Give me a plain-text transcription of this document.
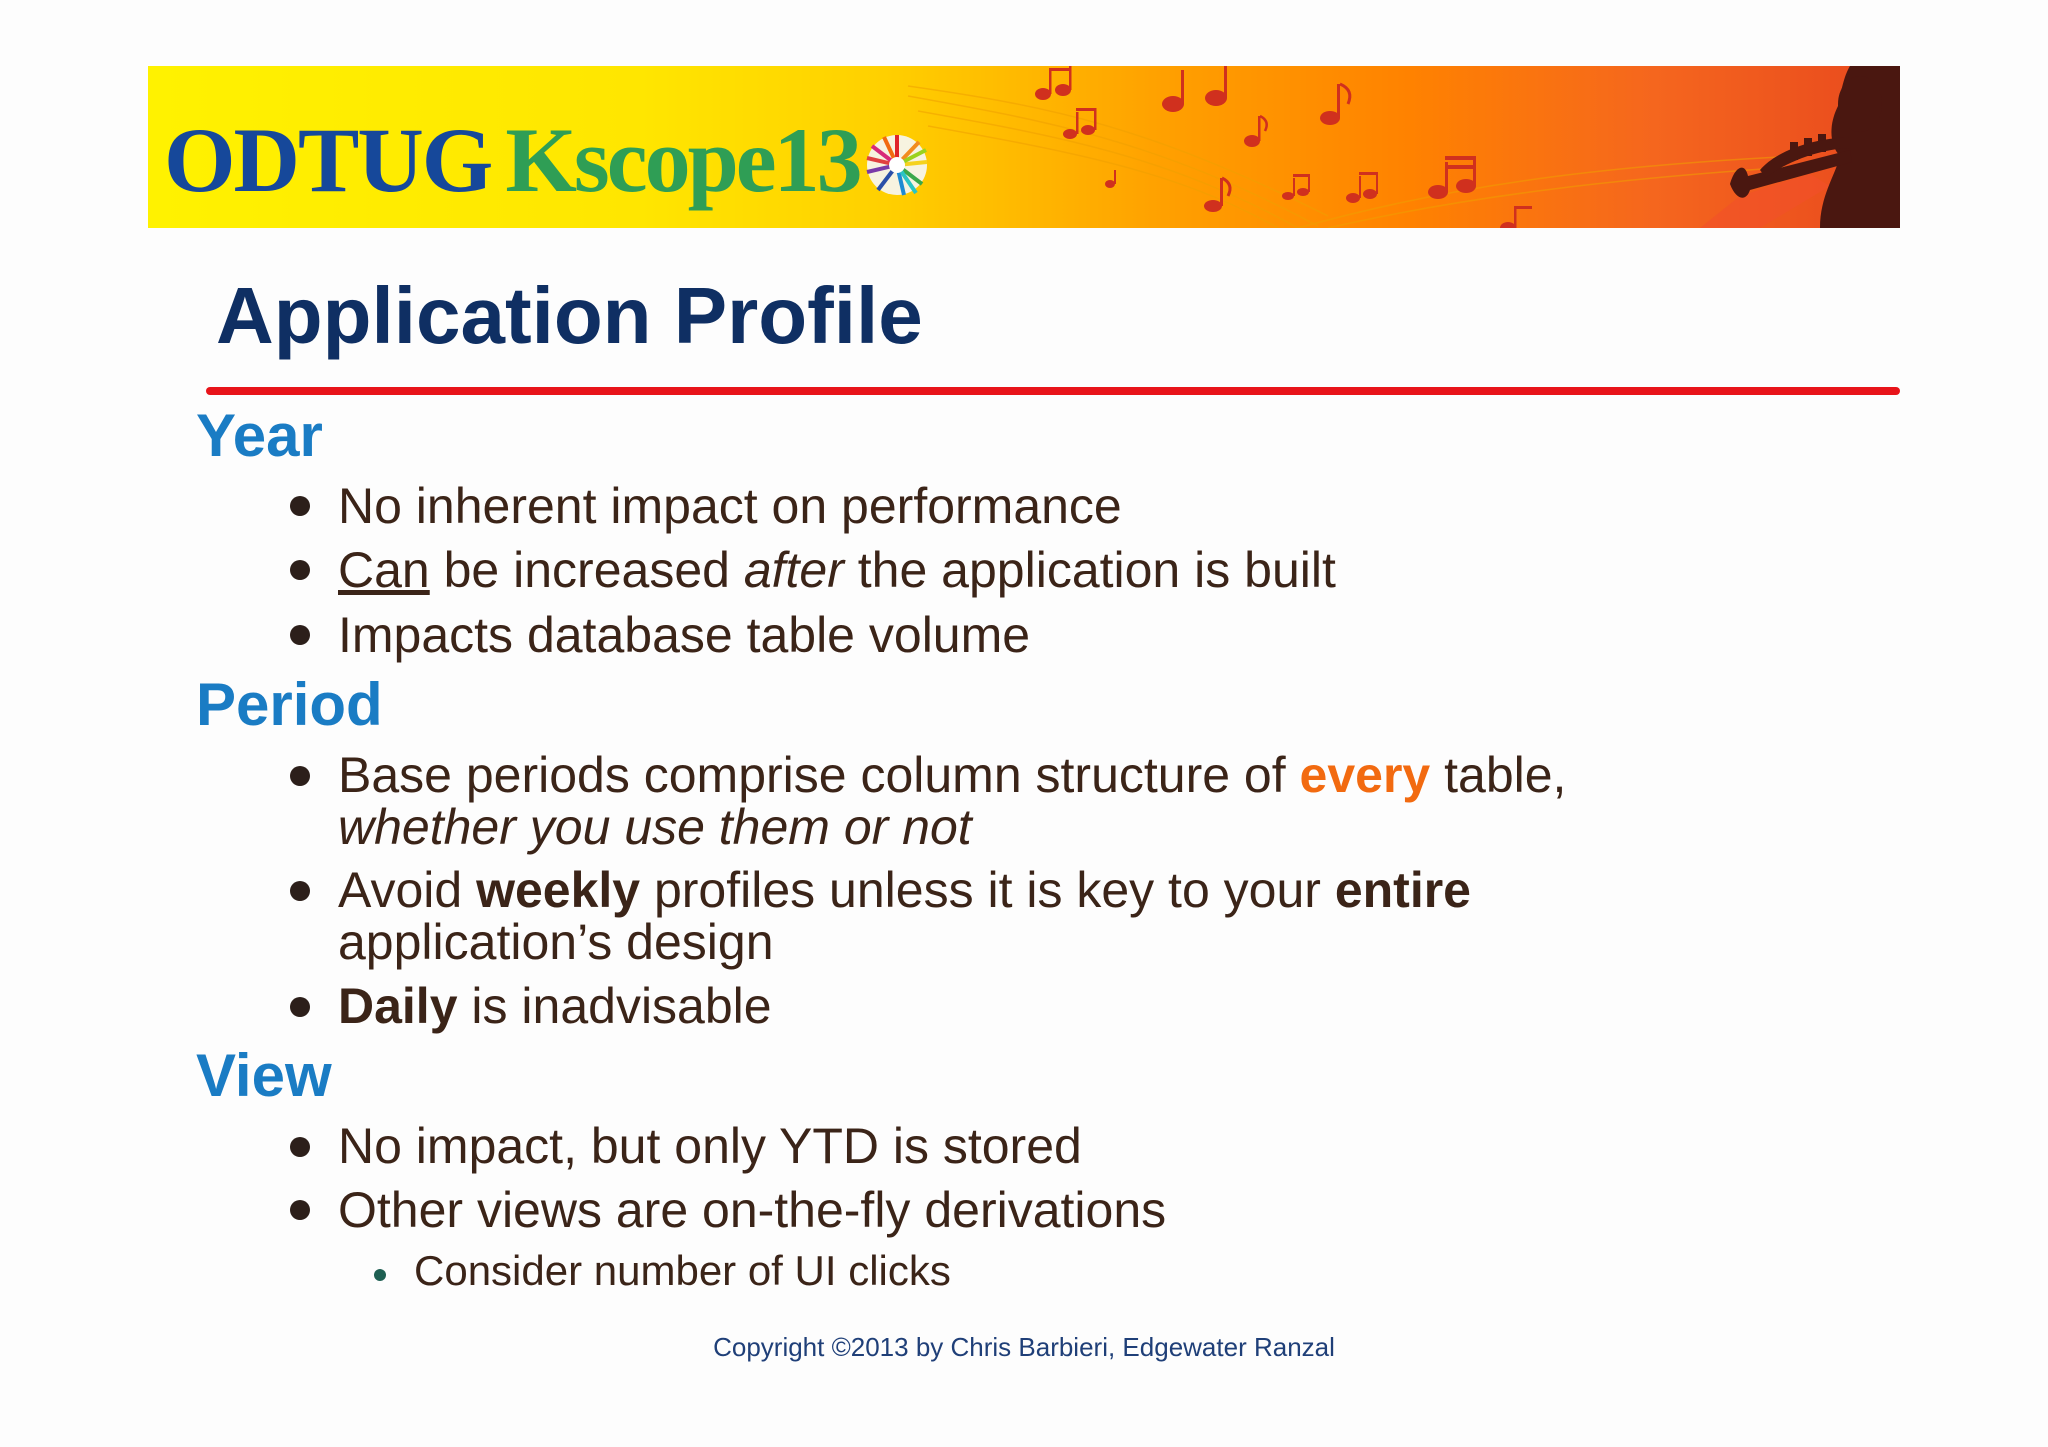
ODTUG Kscope13
Application Profile
Year
No inherent impact on performance
Can be increased after the application is built
Impacts database table volume
Period
Base periods comprise column structure of every table,
whether you use them or not
Avoid weekly profiles unless it is key to your entire
application’s design
Daily is inadvisable
View
No impact, but only YTD is stored
Other views are on-the-fly derivations
Consider number of UI clicks
Copyright ©2013 by Chris Barbieri, Edgewater Ranzal
